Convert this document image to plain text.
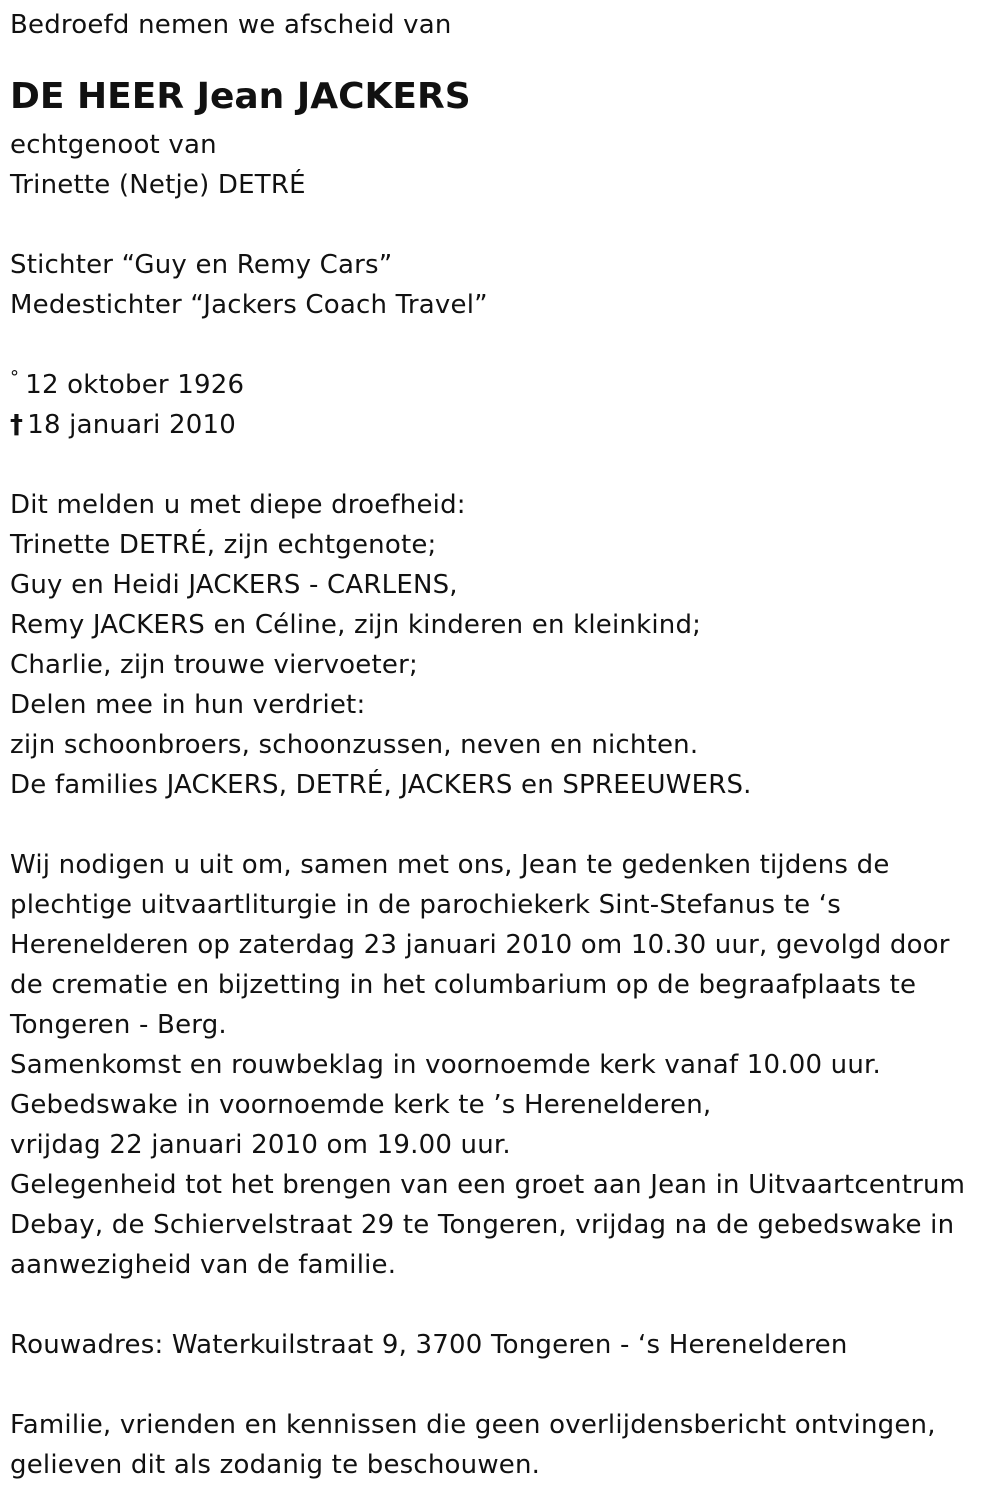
Bedroefd nemen we afscheid van
DE HEER Jean JACKERS
echtgenoot van
Trinette (Netje) DETRÉ
Stichter “Guy en Remy Cars”
Medestichter “Jackers Coach Travel”
° 12 oktober 1926
† 18 januari 2010
Dit melden u met diepe droefheid:
Trinette DETRÉ, zijn echtgenote;
Guy en Heidi JACKERS - CARLENS,
Remy JACKERS en Céline, zijn kinderen en kleinkind;
Charlie, zijn trouwe viervoeter;
Delen mee in hun verdriet:
zijn schoonbroers, schoonzussen, neven en nichten.
De families JACKERS, DETRÉ, JACKERS en SPREEUWERS.
Wij nodigen u uit om, samen met ons, Jean te gedenken tijdens de
plechtige uitvaartliturgie in de parochiekerk Sint-Stefanus te ‘s
Herenelderen op zaterdag 23 januari 2010 om 10.30 uur, gevolgd door
de crematie en bijzetting in het columbarium op de begraafplaats te
Tongeren - Berg.
Samenkomst en rouwbeklag in voornoemde kerk vanaf 10.00 uur.
Gebedswake in voornoemde kerk te ’s Herenelderen,
vrijdag 22 januari 2010 om 19.00 uur.
Gelegenheid tot het brengen van een groet aan Jean in Uitvaartcentrum
Debay, de Schiervelstraat 29 te Tongeren, vrijdag na de gebedswake in
aanwezigheid van de familie.
Rouwadres: Waterkuilstraat 9, 3700 Tongeren - ‘s Herenelderen
Familie, vrienden en kennissen die geen overlijdensbericht ontvingen,
gelieven dit als zodanig te beschouwen.
